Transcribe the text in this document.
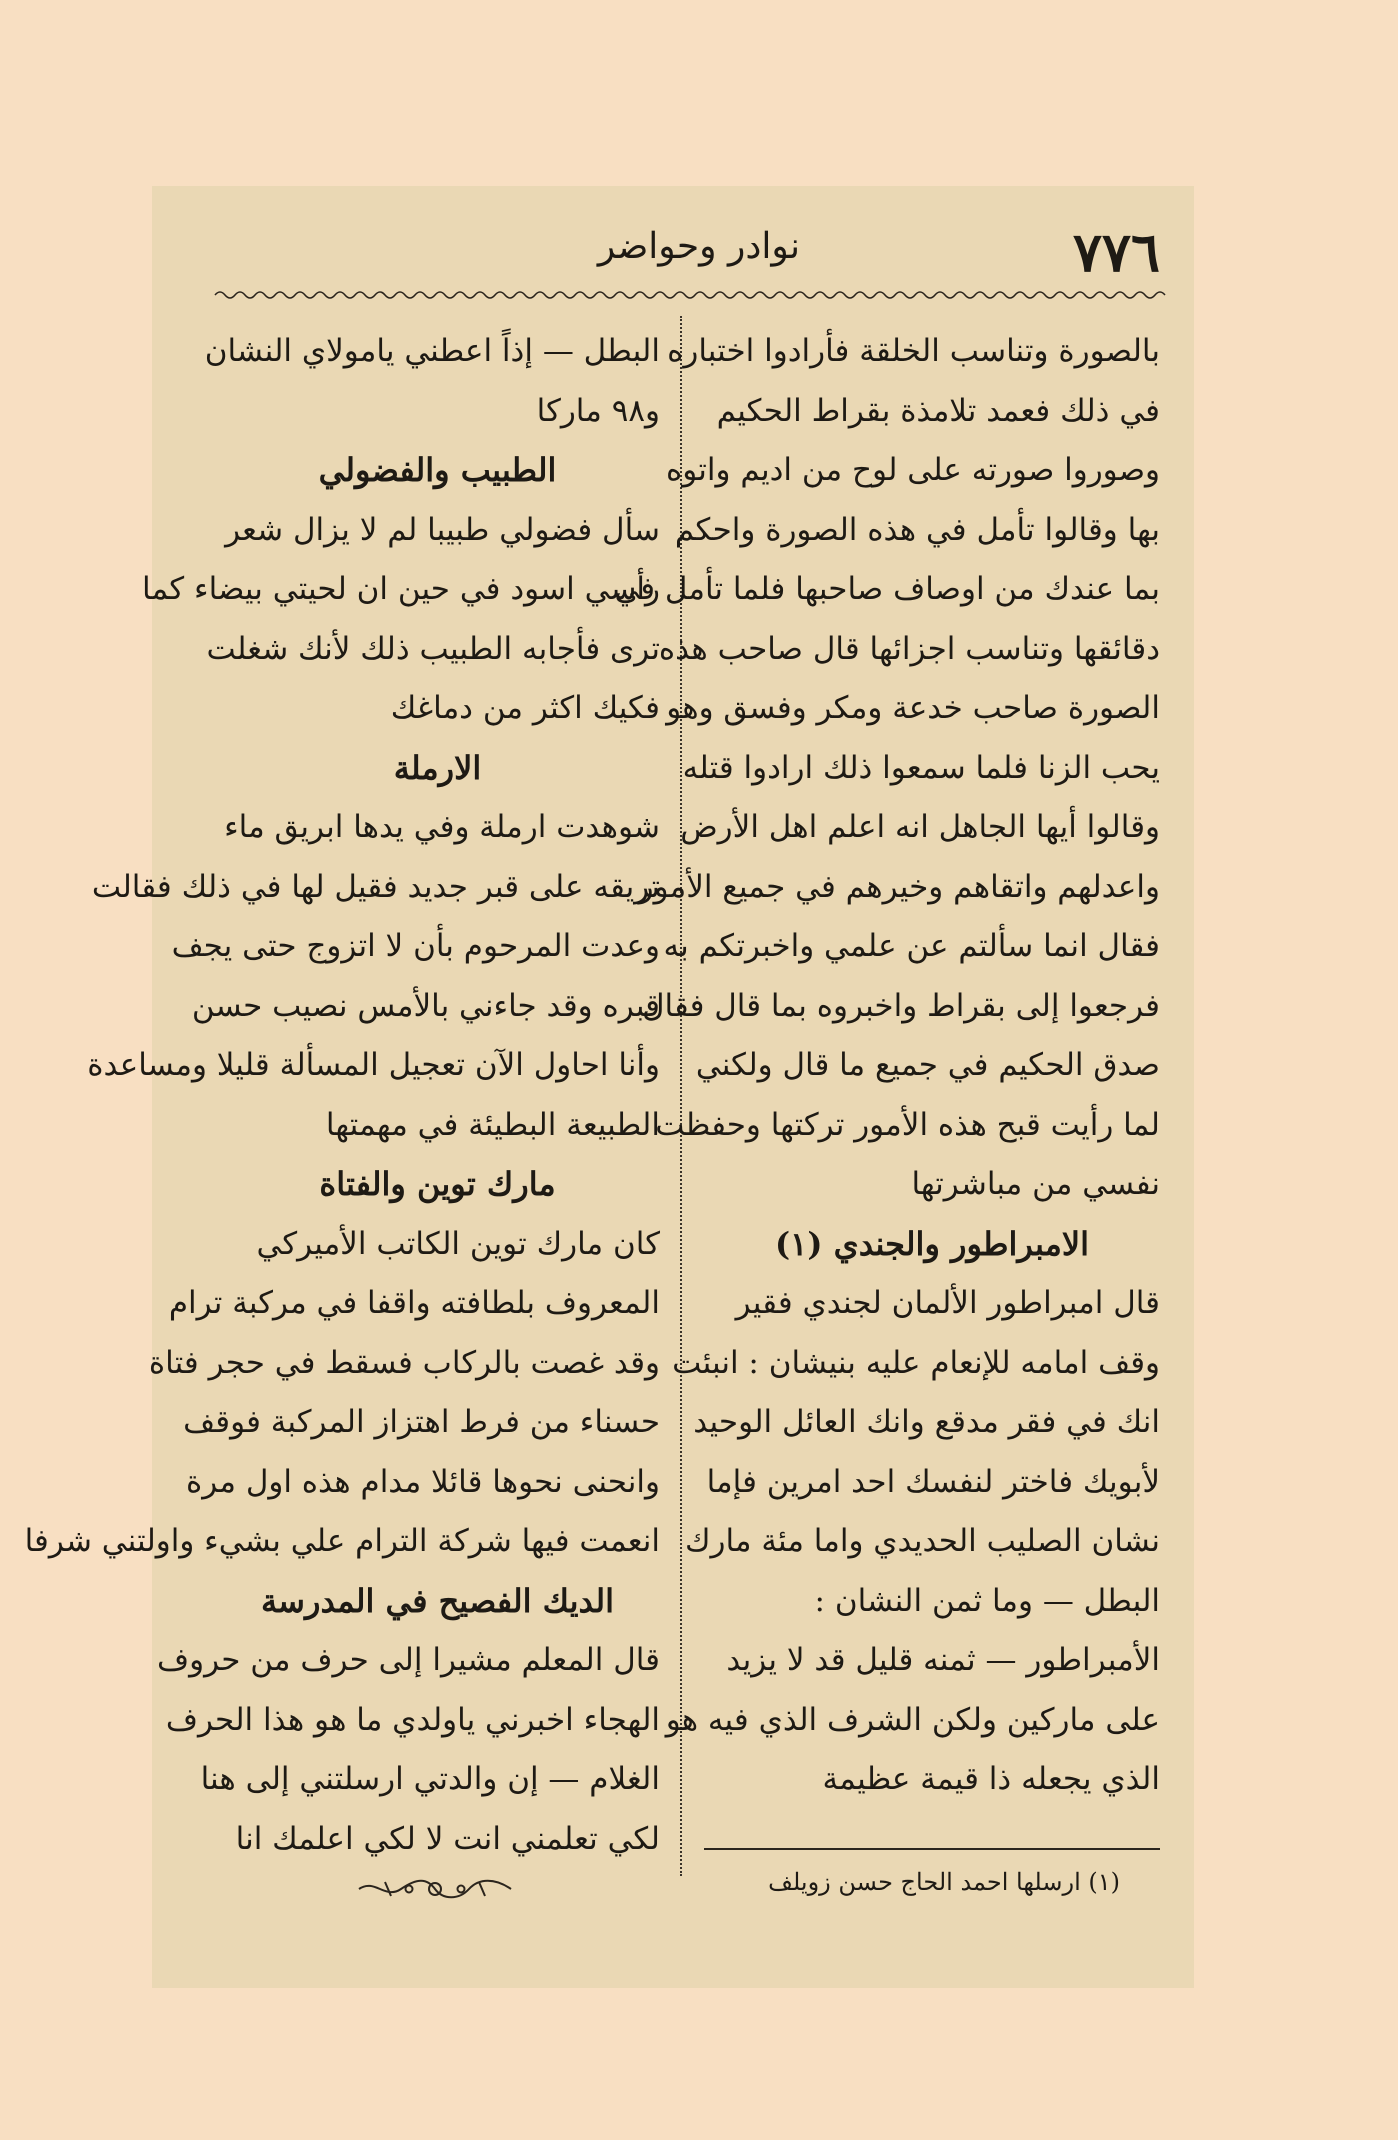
٧٧٦
نوادر وحواضر
بالصورة وتناسب الخلقة فأرادوا اختباره
في ذلك فعمد تلامذة بقراط الحكيم
وصوروا صورته على لوح من اديم واتوه
بها وقالوا تأمل في هذه الصورة واحكم
بما عندك من اوصاف صاحبها فلما تأمل في
دقائقها وتناسب اجزائها قال صاحب هذه
الصورة صاحب خدعة ومكر وفسق وهو
يحب الزنا فلما سمعوا ذلك ارادوا قتله
وقالوا أيها الجاهل انه اعلم اهل الأرض
واعدلهم واتقاهم وخيرهم في جميع الأمور
فقال انما سألتم عن علمي واخبرتكم به
فرجعوا إلى بقراط واخبروه بما قال فقال
صدق الحكيم في جميع ما قال ولكني
لما رأيت قبح هذه الأمور تركتها وحفظت
نفسي من مباشرتها
الامبراطور والجندي (١)
قال امبراطور الألمان لجندي فقير
وقف امامه للإنعام عليه بنيشان : انبئت
انك في فقر مدقع وانك العائل الوحيد
لأبويك فاختر لنفسك احد امرين فإما
نشان الصليب الحديدي واما مئة مارك
البطل — وما ثمن النشان :
الأمبراطور — ثمنه قليل قد لا يزيد
على ماركين ولكن الشرف الذي فيه هو
الذي يجعله ذا قيمة عظيمة
البطل — إذاً اعطني يامولاي النشان
و٩٨ ماركا
الطبيب والفضولي
سأل فضولي طبيبا لم لا يزال شعر
رأسي اسود في حين ان لحيتي بيضاء كما
ترى فأجابه الطبيب ذلك لأنك شغلت
فكيك اكثر من دماغك
الارملة
شوهدت ارملة وفي يدها ابريق ماء
تريقه على قبر جديد فقيل لها في ذلك فقالت
وعدت المرحوم بأن لا اتزوج حتى يجف
قبره وقد جاءني بالأمس نصيب حسن
وأنا احاول الآن تعجيل المسألة قليلا ومساعدة
الطبيعة البطيئة في مهمتها
مارك توين والفتاة
كان مارك توين الكاتب الأميركي
المعروف بلطافته واقفا في مركبة ترام
وقد غصت بالركاب فسقط في حجر فتاة
حسناء من فرط اهتزاز المركبة فوقف
وانحنى نحوها قائلا مدام هذه اول مرة
انعمت فيها شركة الترام علي بشيء واولتني شرفا
الديك الفصيح في المدرسة
قال المعلم مشيرا إلى حرف من حروف
الهجاء اخبرني ياولدي ما هو هذا الحرف
الغلام — إن والدتي ارسلتني إلى هنا
لكي تعلمني انت لا لكي اعلمك انا
(١) ارسلها احمد الحاج حسن زويلف
